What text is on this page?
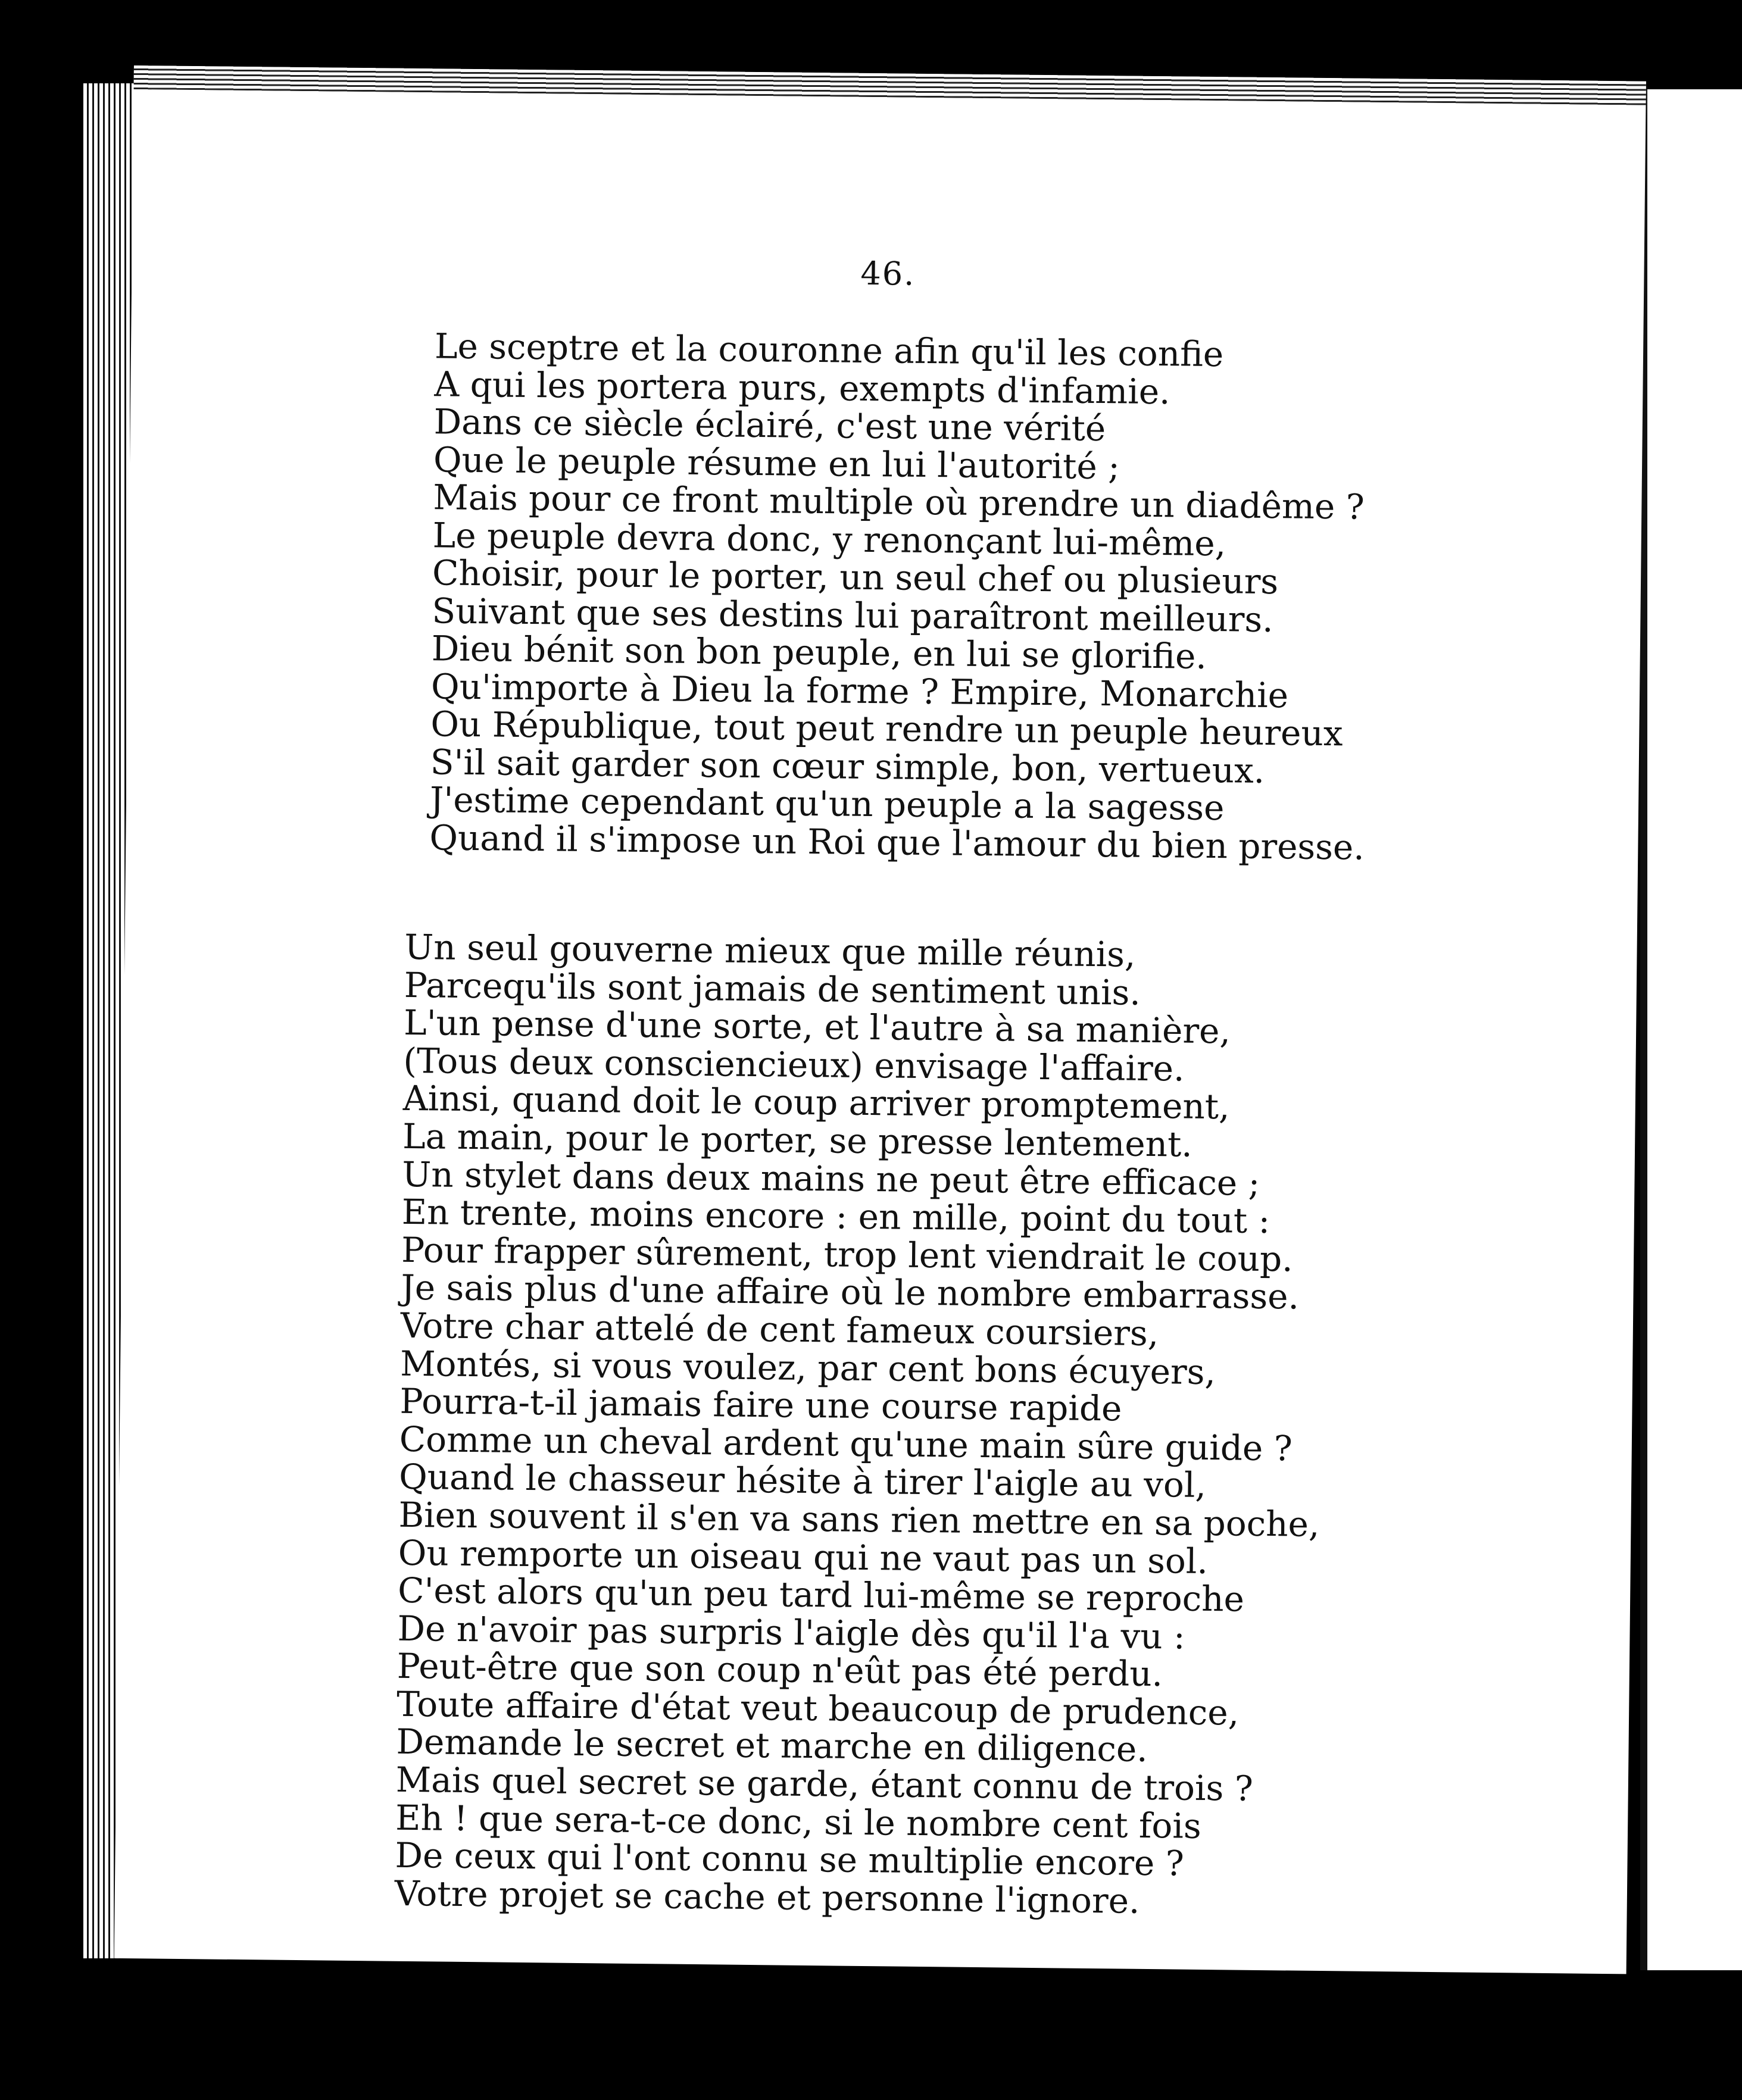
46.
Le sceptre et la couronne afin qu'il les confie
A qui les portera purs, exempts d'infamie.
Dans ce siècle éclairé, c'est une vérité
Que le peuple résume en lui l'autorité ;
Mais pour ce front multiple où prendre un diadême ?
Le peuple devra donc, y renonçant lui-même,
Choisir, pour le porter, un seul chef ou plusieurs
Suivant que ses destins lui paraîtront meilleurs.
Dieu bénit son bon peuple, en lui se glorifie.
Qu'importe à Dieu la forme ? Empire, Monarchie
Ou République, tout peut rendre un peuple heureux
S'il sait garder son cœur simple, bon, vertueux.
J'estime cependant qu'un peuple a la sagesse
Quand il s'impose un Roi que l'amour du bien presse.
Un seul gouverne mieux que mille réunis,
Parcequ'ils sont jamais de sentiment unis.
L'un pense d'une sorte, et l'autre à sa manière,
(Tous deux consciencieux) envisage l'affaire.
Ainsi, quand doit le coup arriver promptement,
La main, pour le porter, se presse lentement.
Un stylet dans deux mains ne peut être efficace ;
En trente, moins encore : en mille, point du tout :
Pour frapper sûrement, trop lent viendrait le coup.
Je sais plus d'une affaire où le nombre embarrasse.
Votre char attelé de cent fameux coursiers,
Montés, si vous voulez, par cent bons écuyers,
Pourra-t-il jamais faire une course rapide
Comme un cheval ardent qu'une main sûre guide ?
Quand le chasseur hésite à tirer l'aigle au vol,
Bien souvent il s'en va sans rien mettre en sa poche,
Ou remporte un oiseau qui ne vaut pas un sol.
C'est alors qu'un peu tard lui-même se reproche
De n'avoir pas surpris l'aigle dès qu'il l'a vu :
Peut-être que son coup n'eût pas été perdu.
Toute affaire d'état veut beaucoup de prudence,
Demande le secret et marche en diligence.
Mais quel secret se garde, étant connu de trois ?
Eh ! que sera-t-ce donc, si le nombre cent fois
De ceux qui l'ont connu se multiplie encore ?
Votre projet se cache et personne l'ignore.
